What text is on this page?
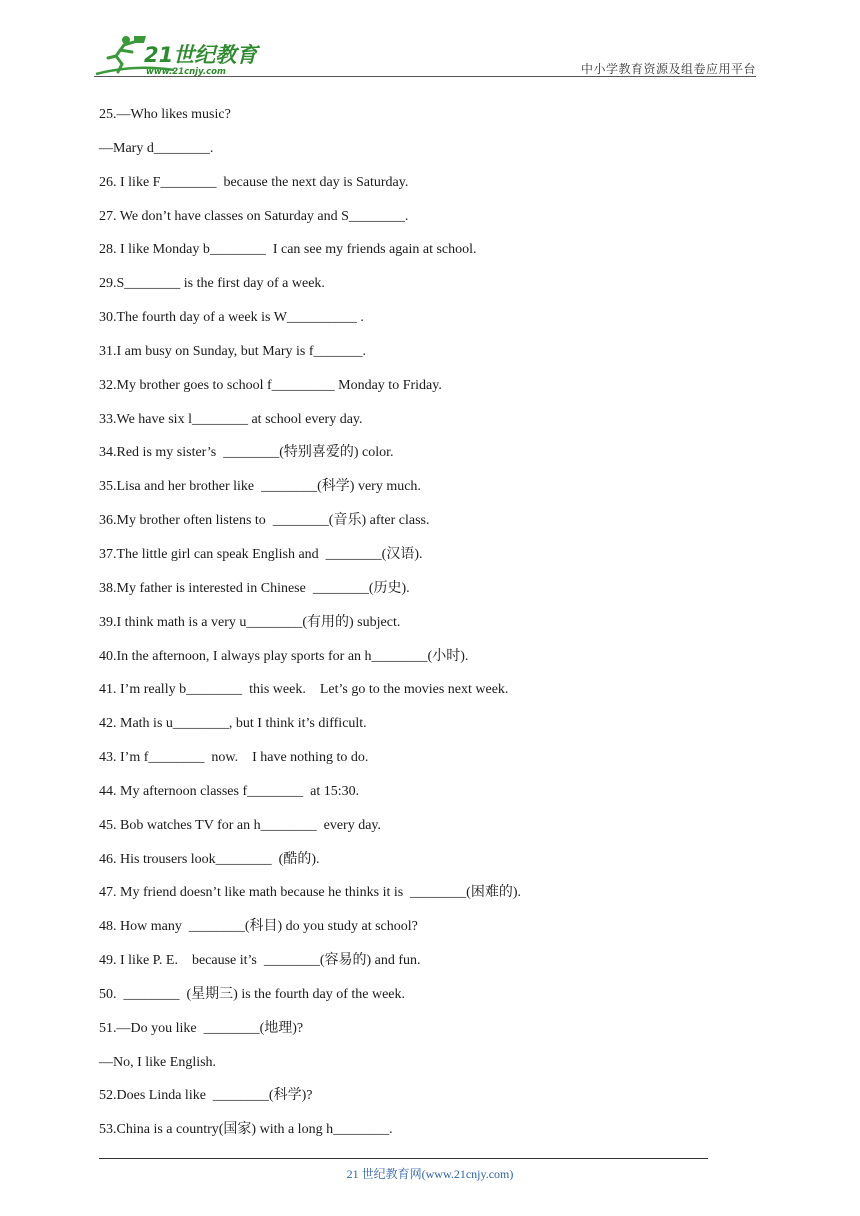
21世纪教育
www.21cnjy.com	中小学教育资源及组卷应用平台
25.—Who likes music?
—Mary d________.
26. I like F________  because the next day is Saturday.
27. We don’t have classes on Saturday and S________.
28. I like Monday b________  I can see my friends again at school.
29.S________ is the first day of a week.
30.The fourth day of a week is W__________ .
31.I am busy on Sunday, but Mary is f_______.
32.My brother goes to school f_________ Monday to Friday.
33.We have six l________ at school every day.
34.Red is my sister’s  ________(特别喜爱的) color.
35.Lisa and her brother like  ________(科学) very much.
36.My brother often listens to  ________(音乐) after class.
37.The little girl can speak English and  ________(汉语).
38.My father is interested in Chinese  ________(历史).
39.I think math is a very u________(有用的) subject.
40.In the afternoon, I always play sports for an h________(小时).
41. I’m really b________  this week.    Let’s go to the movies next week.
42. Math is u________, but I think it’s difficult.
43. I’m f________  now.    I have nothing to do.
44. My afternoon classes f________  at 15:30.
45. Bob watches TV for an h________  every day.
46. His trousers look________  (酷的).
47. My friend doesn’t like math because he thinks it is  ________(困难的).
48. How many  ________(科目) do you study at school?
49. I like P. E.    because it’s  ________(容易的) and fun.
50.  ________  (星期三) is the fourth day of the week.
51.—Do you like  ________(地理)?
—No, I like English.
52.Does Linda like  ________(科学)?
53.China is a country(国家) with a long h________.
21 世纪教育网(www.21cnjy.com)
